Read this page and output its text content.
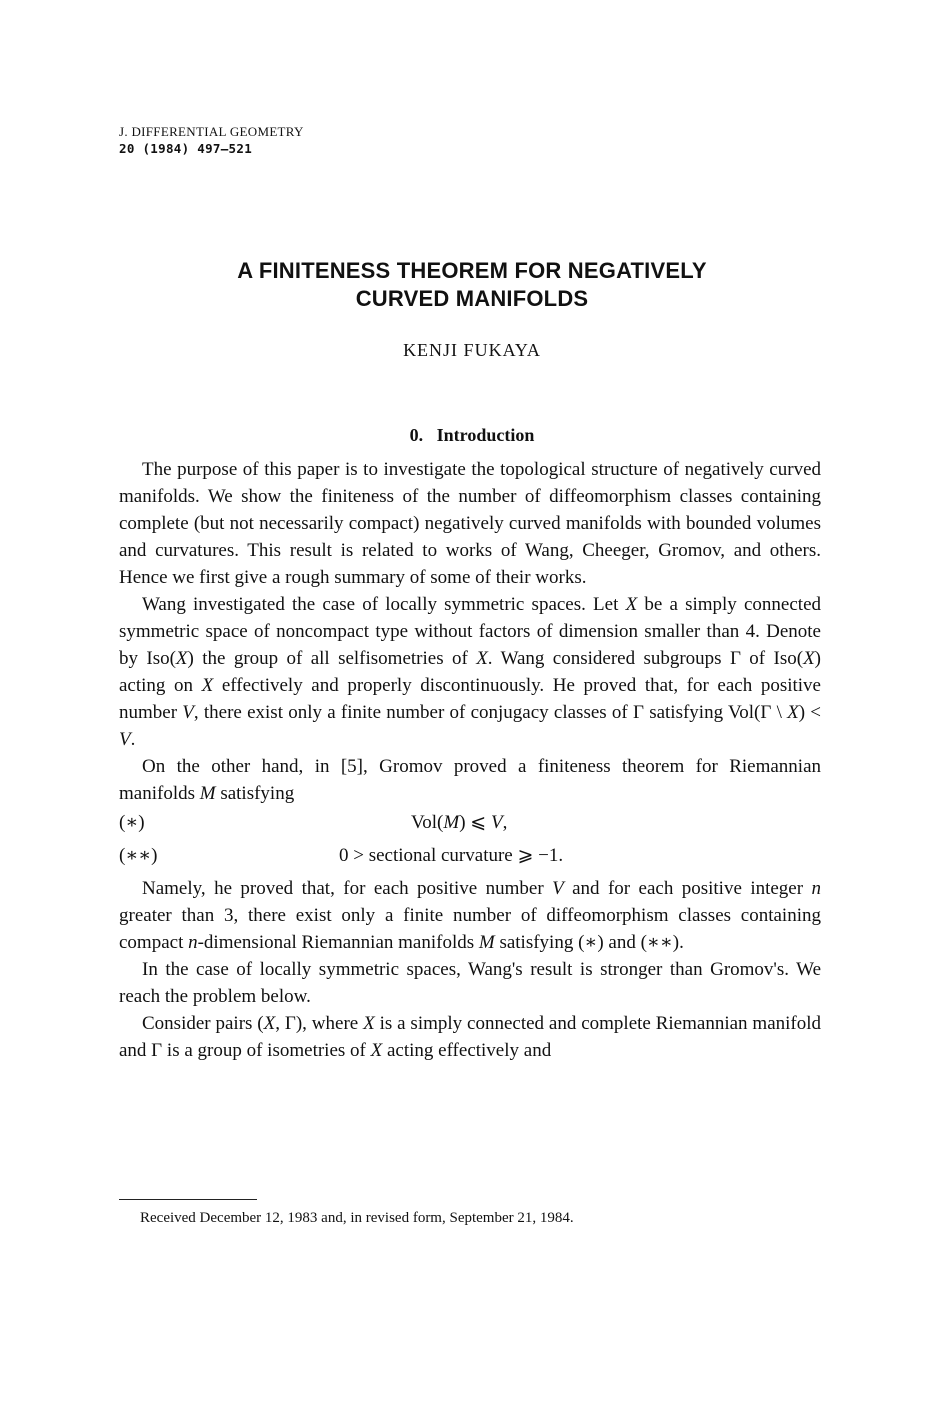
J. DIFFERENTIAL GEOMETRY
20 (1984) 497–521
A FINITENESS THEOREM FOR NEGATIVELY
CURVED MANIFOLDS
KENJI FUKAYA
0. Introduction

The purpose of this paper is to investigate the topological structure of negatively curved manifolds. We show the finiteness of the number of diffeomorphism classes containing complete (but not necessarily compact) negatively curved manifolds with bounded volumes and curvatures. This result is related to works of Wang, Cheeger, Gromov, and others. Hence we first give a rough summary of some of their works.

Wang investigated the case of locally symmetric spaces. Let X be a simply connected symmetric space of noncompact type without factors of dimension smaller than 4. Denote by Iso(X) the group of all selfisometries of X. Wang considered subgroups Γ of Iso(X) acting on X effectively and properly discontinuously. He proved that, for each positive number V, there exist only a finite number of conjugacy classes of Γ satisfying Vol(Γ \ X) < V.

On the other hand, in [5], Gromov proved a finiteness theorem for Riemannian manifolds M satisfying

(∗)	Vol(M) ⩽ V,
(∗∗)	0 > sectional curvature ⩾ −1.

Namely, he proved that, for each positive number V and for each positive integer n greater than 3, there exist only a finite number of diffeomorphism classes containing compact n-dimensional Riemannian manifolds M satisfying (∗) and (∗∗).

In the case of locally symmetric spaces, Wang's result is stronger than Gromov's. We reach the problem below.

Consider pairs (X, Γ), where X is a simply connected and complete Riemannian manifold and Γ is a group of isometries of X acting effectively and

Received December 12, 1983 and, in revised form, September 21, 1984.
